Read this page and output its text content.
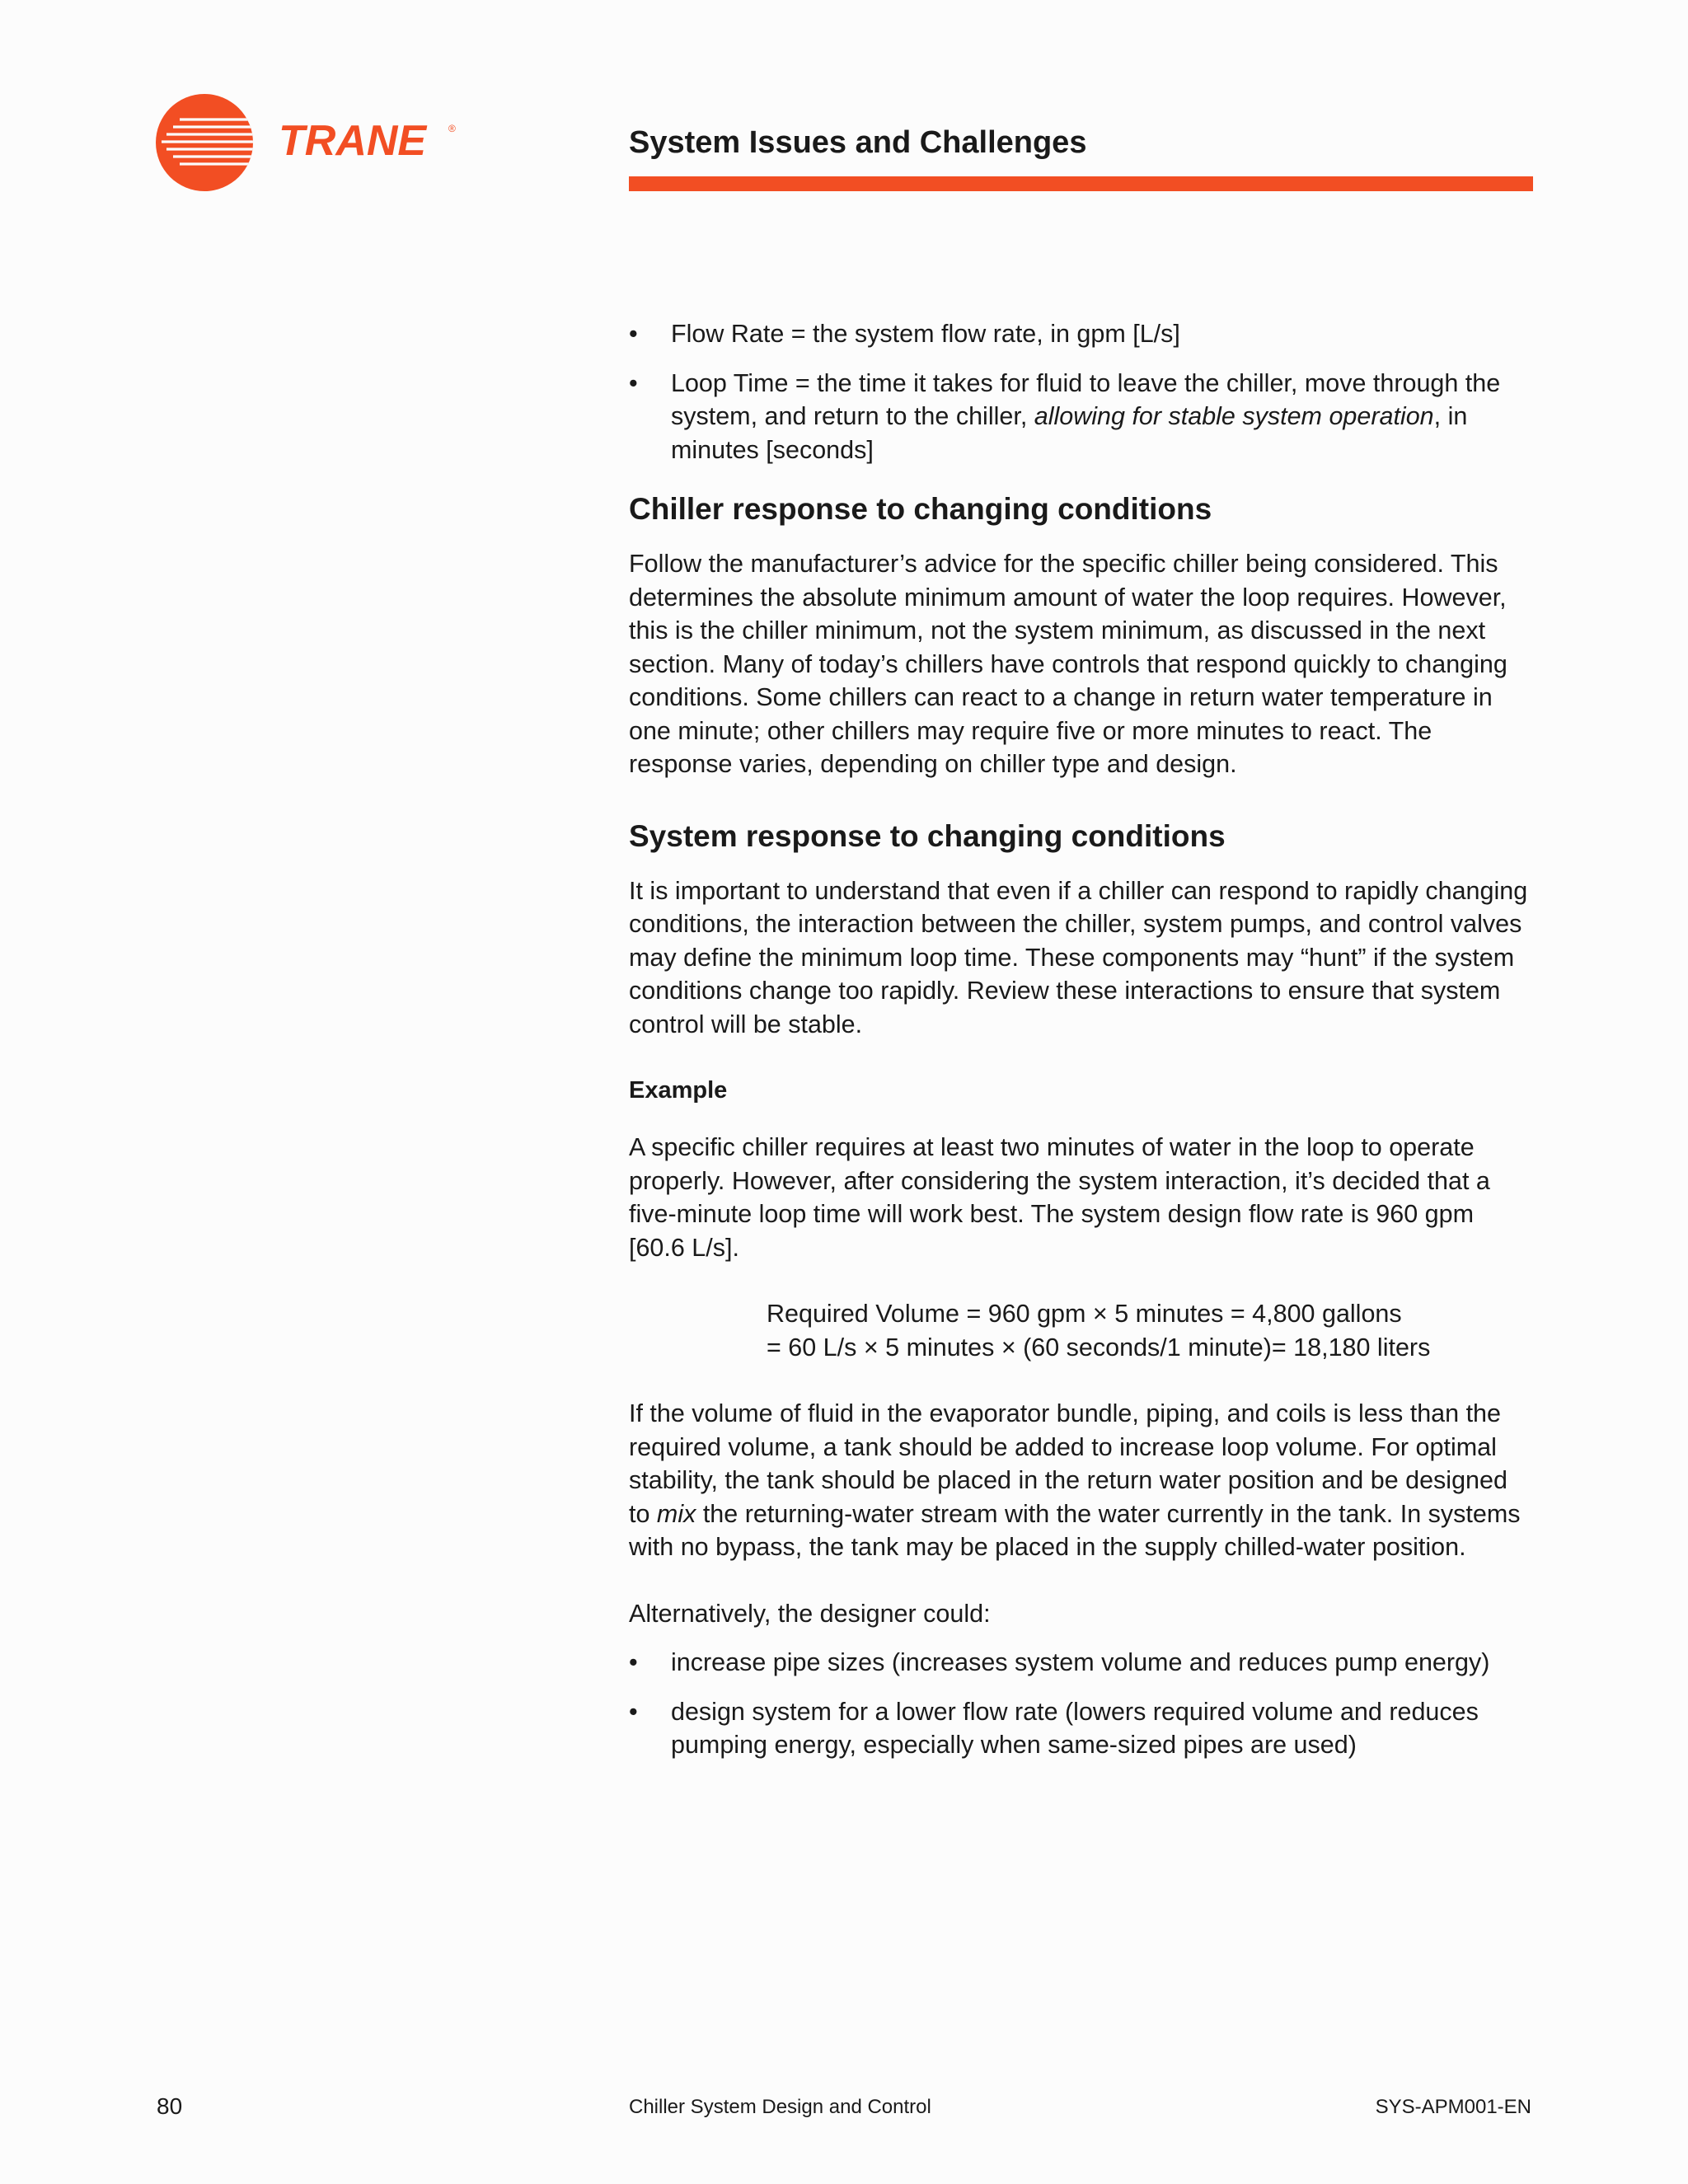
TRANE ®	System Issues and Challenges
• Flow Rate = the system flow rate, in gpm [L/s]
• Loop Time = the time it takes for fluid to leave the chiller, move through the system, and return to the chiller, allowing for stable system operation, in minutes [seconds]
Chiller response to changing conditions

Follow the manufacturer’s advice for the specific chiller being considered. This determines the absolute minimum amount of water the loop requires. However, this is the chiller minimum, not the system minimum, as discussed in the next section. Many of today’s chillers have controls that respond quickly to changing conditions. Some chillers can react to a change in return water temperature in one minute; other chillers may require five or more minutes to react. The response varies, depending on chiller type and design.

System response to changing conditions

It is important to understand that even if a chiller can respond to rapidly changing conditions, the interaction between the chiller, system pumps, and control valves may define the minimum loop time. These components may “hunt” if the system conditions change too rapidly. Review these interactions to ensure that system control will be stable.

Example

A specific chiller requires at least two minutes of water in the loop to operate properly. However, after considering the system interaction, it’s decided that a five-minute loop time will work best. The system design flow rate is 960 gpm [60.6 L/s].

Required Volume = 960 gpm × 5 minutes = 4,800 gallons
= 60 L/s × 5 minutes × (60 seconds/1 minute)= 18,180 liters

If the volume of fluid in the evaporator bundle, piping, and coils is less than the required volume, a tank should be added to increase loop volume. For optimal stability, the tank should be placed in the return water position and be designed to mix the returning-water stream with the water currently in the tank. In systems with no bypass, the tank may be placed in the supply chilled-water position.

Alternatively, the designer could:

• increase pipe sizes (increases system volume and reduces pump energy)
• design system for a lower flow rate (lowers required volume and reduces pumping energy, especially when same-sized pipes are used)
80	Chiller System Design and Control	SYS-APM001-EN
